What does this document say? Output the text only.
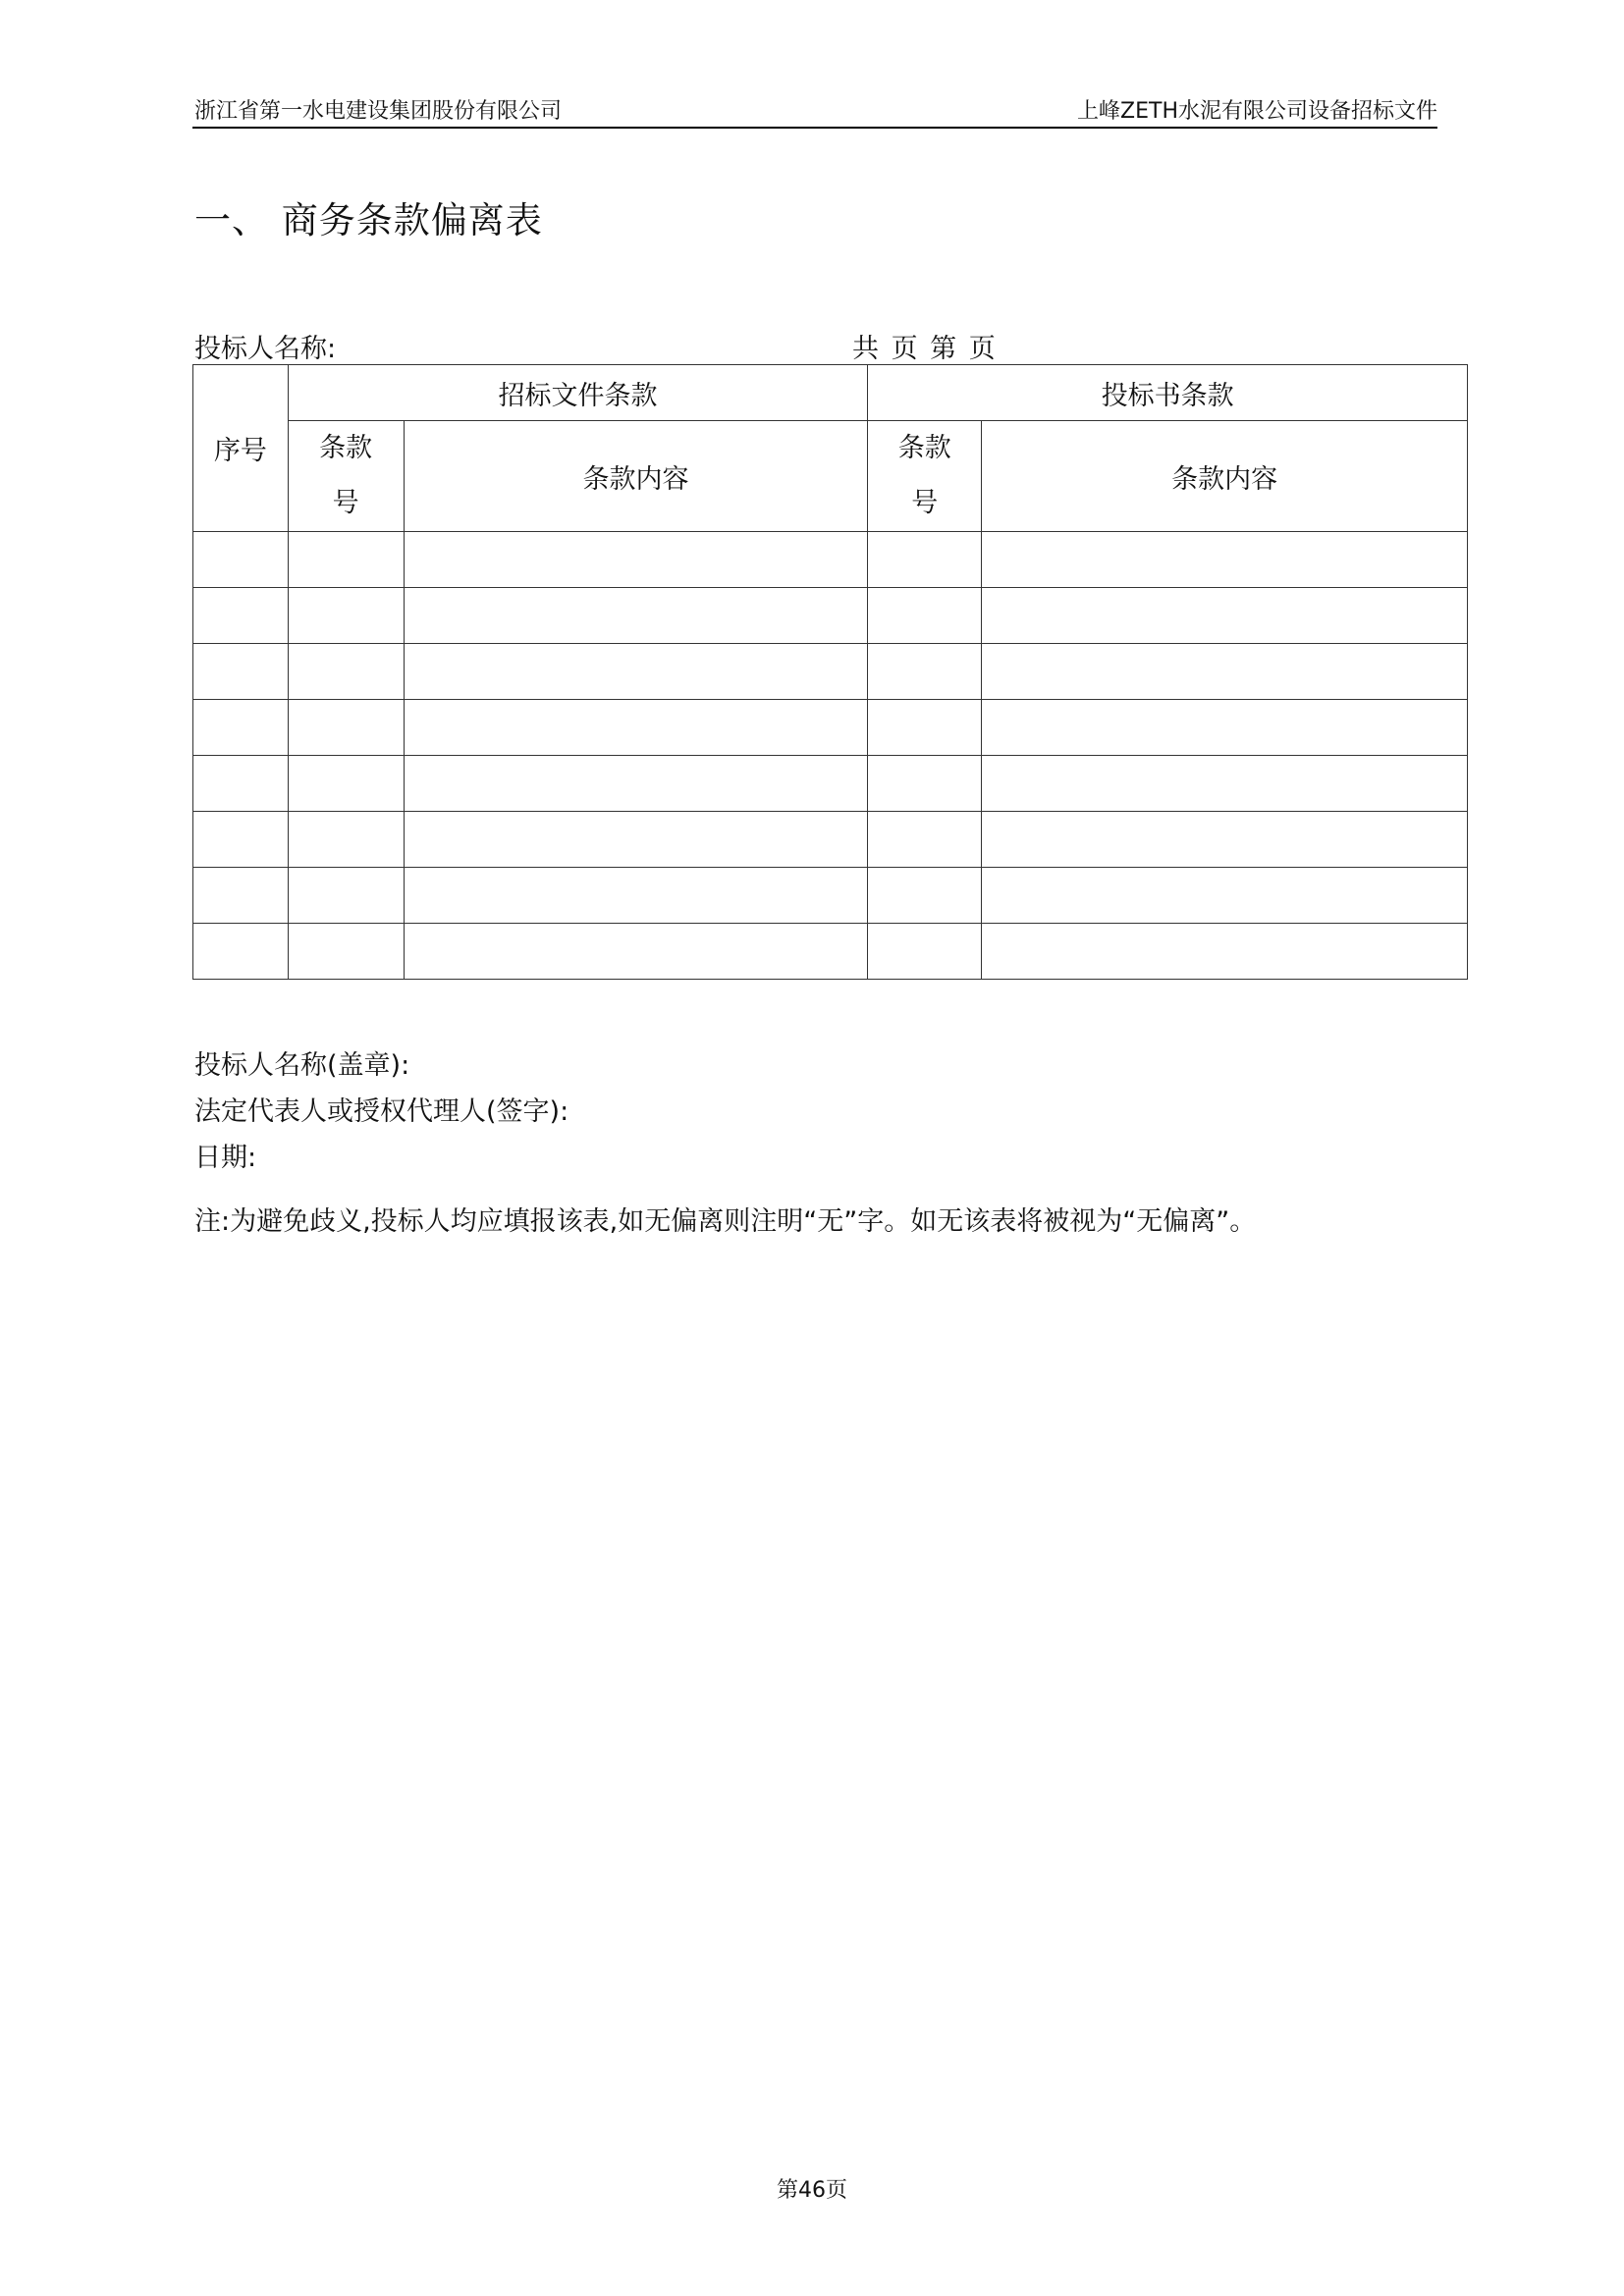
浙江省第一水电建设集团股份有限公司	上峰ZETH水泥有限公司设备招标文件
一、 商务条款偏离表
投标人名称:	共 页 第 页
序号	招标文件条款		投标书条款	
	条款号	条款内容	条款号	条款内容

投标人名称(盖章):
法定代表人或授权代理人(签字):
日期:
注:为避免歧义,投标人均应填报该表,如无偏离则注明“无”字。如无该表将被视为“无偏离”。
第46页
